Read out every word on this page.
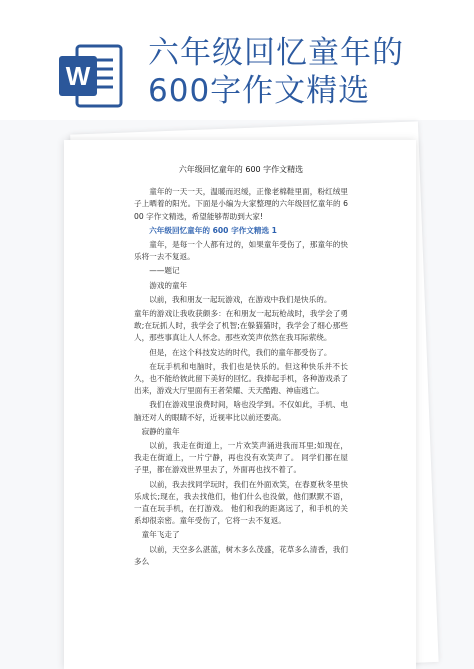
W
六年级回忆童年的
600字作文精选
六年级回忆童年的 600 字作文精选

童年的一天一天，温暖而迟缓，正像老棉鞋里面，粉红绒里子上晒着的阳光。下面是小编为大家整理的六年级回忆童年的 600 字作文精选，希望能够帮助到大家!

六年级回忆童年的 600 字作文精选 1

童年，是每一个人都有过的，如果童年受伤了，那童年的快乐将一去不复返。

——题记

游戏的童年

以前，我和朋友一起玩游戏，在游戏中我们是快乐的。

童年的游戏让我收获颇多：在和朋友一起玩枪战时，我学会了勇敢;在玩抓人时，我学会了机智;在躲猫猫时，我学会了细心那些人，那些事真让人人怀念。那些欢笑声依然在我耳际萦绕。

但是，在这个科技发达的时代，我们的童年都受伤了。

在玩手机和电脑时，我们也是快乐的。但这种快乐并不长久，也不能给彼此留下美好的回忆。我捧起手机，各种游戏杀了出来，游戏大厅里面有王者荣耀、天天酷跑、神庙逃亡。

我们在游戏里浪费时间，啥也没学到。不仅如此，手机、电脑还对人的眼睛不好，近视率比以前还要高。

寂静的童年

以前，我走在街道上，一片欢笑声涌进我而耳里;如现在，我走在街道上，一片宁静，再也没有欢笑声了。 同学们都在屋子里，都在游戏世界里去了，外面再也找不着了。

以前，我去找同学玩时，我们在外面欢笑，在春夏秋冬里快乐成长;现在，我去找他们，他们什么也没做，他们默默不语，一直在玩手机，在打游戏。 他们和我的距离远了，和手机的关系却很亲密。童年受伤了，它将一去不复返。

童年飞走了

以前，天空多么湛蓝，树木多么茂盛，花草多么清香，我们多么
